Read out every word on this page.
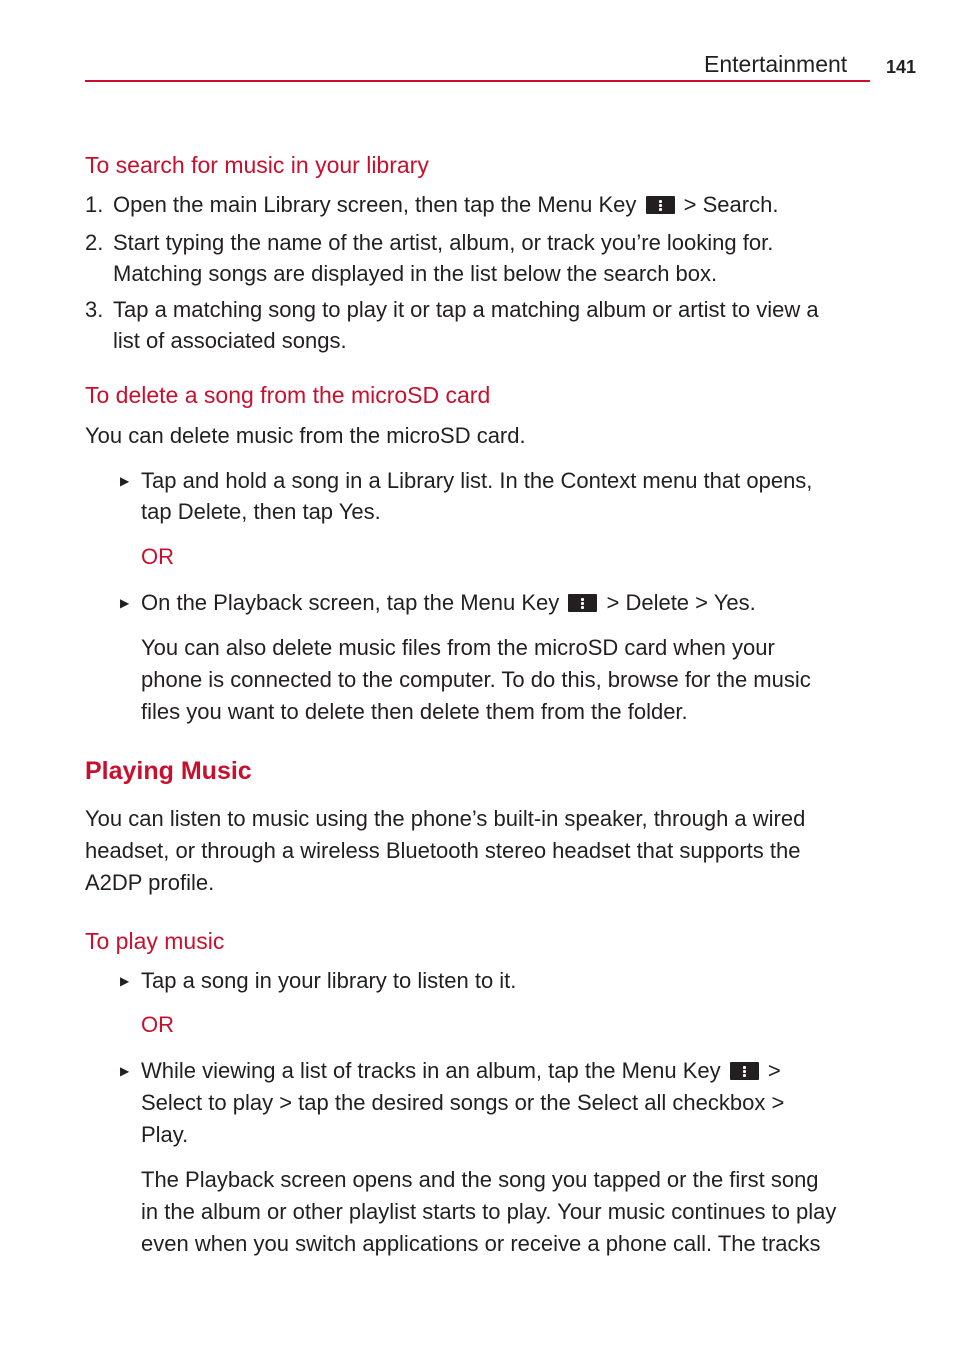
Entertainment 141
To search for music in your library
1. Open the main Library screen, then tap the Menu Key  > Search.

2. Start typing the name of the artist, album, or track you’re looking for.
Matching songs are displayed in the list below the search box.

3. Tap a matching song to play it or tap a matching album or artist to view a
list of associated songs.

To delete a song from the microSD card

You can delete music from the microSD card.

▶ Tap and hold a song in a Library list. In the Context menu that opens,
tap Delete, then tap Yes.

OR
▶ On the Playback screen, tap the Menu Key  > Delete > Yes.

You can also delete music files from the microSD card when your
phone is connected to the computer. To do this, browse for the music
files you want to delete then delete them from the folder.

Playing Music

You can listen to music using the phone’s built-in speaker, through a wired
headset, or through a wireless Bluetooth stereo headset that supports the
A2DP profile.

To play music
▶ Tap a song in your library to listen to it.

OR
▶ While viewing a list of tracks in an album, tap the Menu Key  >
Select to play > tap the desired songs or the Select all checkbox >
Play.

The Playback screen opens and the song you tapped or the first song
in the album or other playlist starts to play. Your music continues to play
even when you switch applications or receive a phone call. The tracks
